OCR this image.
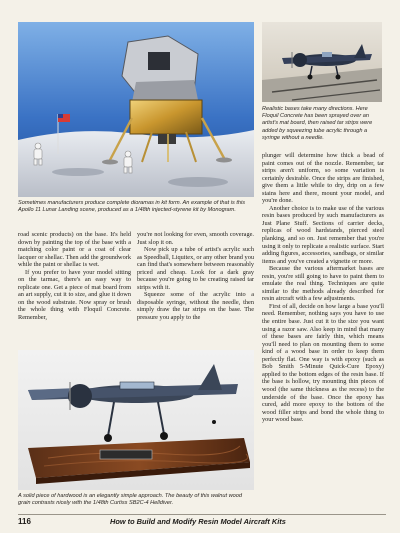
Realistic bases take many directions. Here Floquil Concrete has been sprayed over an artist's mat board, then raised tar strips were added by squeezing tube acrylic through a syringe without a needle.
Sometimes manufacturers produce complete dioramas in kit form. An example of that is this Apollo 11 Lunar Landing scene, produced as a 1/48th injected-styrene kit by Monogram.

road scenic products) on the base. It's held down by painting the top of the base with a matching color paint or a coat of clear lacquer or shellac. Then add the groundwork while the paint or shellac is wet.

If you prefer to have your model sitting on the tarmac, there's an easy way to replicate one. Get a piece of mat board from an art supply, cut it to size, and glue it down on the wood substrate. Now spray or brush the whole thing with Floquil Concrete. Remember,

you're not looking for even, smooth coverage. Just slop it on.

Now pick up a tube of artist's acrylic such as Speedball, Liquitex, or any other brand you can find that's somewhere between reasonably priced and cheap. Look for a dark gray because you're going to be creating raised tar strips with it.

Squeeze some of the acrylic into a disposable syringe, without the needle, then simply draw the tar strips on the base. The pressure you apply to the

plunger will determine how thick a bead of paint comes out of the nozzle. Remember, tar strips aren't uniform, so some variation is certainly desirable. Once the strips are finished, give them a little while to dry, drip on a few stains here and there, mount your model, and you're done.

Another choice is to make use of the various resin bases produced by such manufacturers as Just Plane Stuff. Sections of carrier decks, replicas of wood hardstands, pierced steel planking, and so on. Just remember that you're using it only to replicate a realistic surface. Start adding figures, accessories, sandbags, or similar items and you've created a vignette or more.

Because the various aftermarket bases are resin, you're still going to have to paint them to emulate the real thing. Techniques are quite similar to the methods already described for resin aircraft with a few adjustments.

First of all, decide on how large a base you'll need. Remember, nothing says you have to use the entire base. Just cut it to the size you want using a razor saw. Also keep in mind that many of these bases are fairly thin, which means you'll need to plan on mounting them to some kind of a wood base in order to keep them perfectly flat. One way is with epoxy (such as Bob Smith 5-Minute Quick-Cure Epoxy) applied to the bottom edges of the resin base. If the base is hollow, try mounting thin pieces of wood (the same thickness as the recess) to the underside of the base. Once the epoxy has cured, add more epoxy to the bottom of the wood filler strips and bond the whole thing to your wood base.

A solid piece of hardwood is an elegantly simple approach. The beauty of this walnut wood grain contrasts nicely with the 1/48th Curtiss SB2C-4 Helldiver.
116	How to Build and Modify Resin Model Aircraft Kits
